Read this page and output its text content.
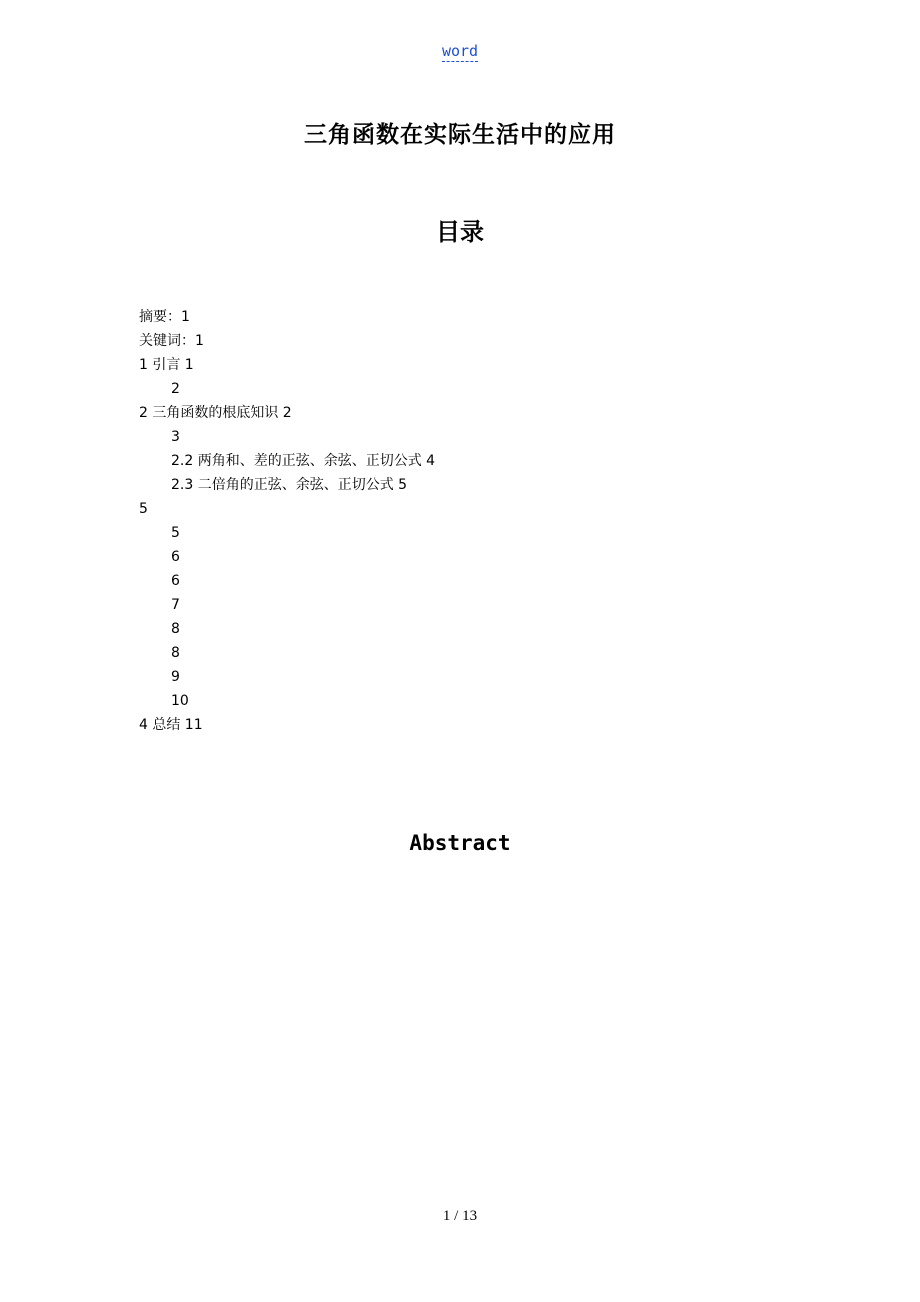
word
三角函数在实际生活中的应用
目录
摘要：1
关键词：1
1 引言 1
2
2 三角函数的根底知识 2
3
2.2 两角和、差的正弦、余弦、正切公式 4
2.3 二倍角的正弦、余弦、正切公式 5
5
5
6
6
7
8
8
9
10
4 总结 11
Abstract
1 / 13
